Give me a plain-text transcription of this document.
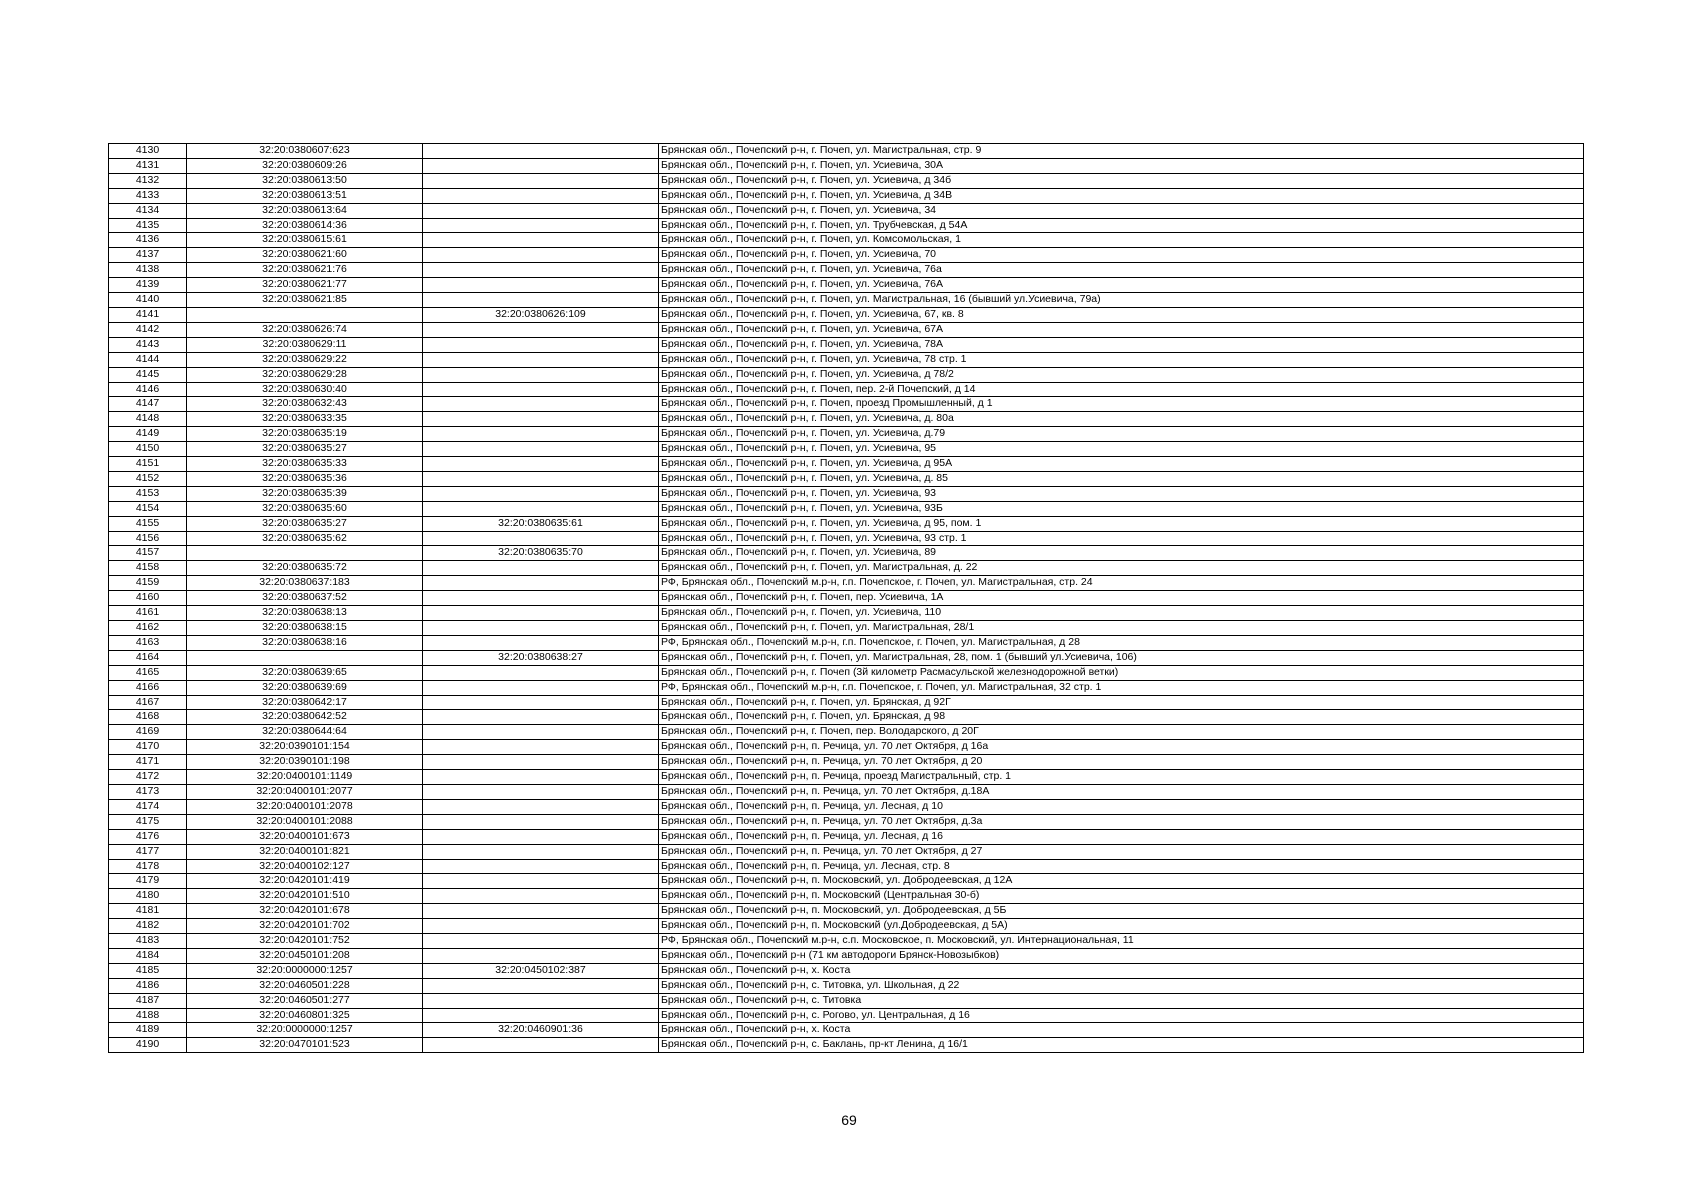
4130	32:20:0380607:623		Брянская обл., Почепский р-н, г. Почеп, ул. Магистральная, стр. 9
4131	32:20:0380609:26		Брянская обл., Почепский р-н, г. Почеп, ул. Усиевича, 30А
4132	32:20:0380613:50		Брянская обл., Почепский р-н, г. Почеп, ул. Усиевича, д 34б
4133	32:20:0380613:51		Брянская обл., Почепский р-н, г. Почеп, ул. Усиевича, д 34В
4134	32:20:0380613:64		Брянская обл., Почепский р-н, г. Почеп, ул. Усиевича, 34
4135	32:20:0380614:36		Брянская обл., Почепский р-н, г. Почеп, ул. Трубчевская, д 54А
4136	32:20:0380615:61		Брянская обл., Почепский р-н, г. Почеп, ул. Комсомольская, 1
4137	32:20:0380621:60		Брянская обл., Почепский р-н, г. Почеп, ул. Усиевича, 70
4138	32:20:0380621:76		Брянская обл., Почепский р-н, г. Почеп, ул. Усиевича, 76а
4139	32:20:0380621:77		Брянская обл., Почепский р-н, г. Почеп, ул. Усиевича, 76А
4140	32:20:0380621:85		Брянская обл., Почепский р-н, г. Почеп, ул. Магистральная, 16 (бывший ул.Усиевича, 79а)
4141		32:20:0380626:109	Брянская обл., Почепский р-н, г. Почеп, ул. Усиевича, 67, кв. 8
4142	32:20:0380626:74		Брянская обл., Почепский р-н, г. Почеп, ул. Усиевича, 67А
4143	32:20:0380629:11		Брянская обл., Почепский р-н, г. Почеп, ул. Усиевича, 78А
4144	32:20:0380629:22		Брянская обл., Почепский р-н, г. Почеп, ул. Усиевича, 78 стр. 1
4145	32:20:0380629:28		Брянская обл., Почепский р-н, г. Почеп, ул. Усиевича, д 78/2
4146	32:20:0380630:40		Брянская обл., Почепский р-н, г. Почеп, пер. 2-й Почепский, д 14
4147	32:20:0380632:43		Брянская обл., Почепский р-н, г. Почеп, проезд Промышленный, д 1
4148	32:20:0380633:35		Брянская обл., Почепский р-н, г. Почеп, ул. Усиевича, д. 80а
4149	32:20:0380635:19		Брянская обл., Почепский р-н, г. Почеп, ул. Усиевича, д.79
4150	32:20:0380635:27		Брянская обл., Почепский р-н, г. Почеп, ул. Усиевича, 95
4151	32:20:0380635:33		Брянская обл., Почепский р-н, г. Почеп, ул. Усиевича, д 95А
4152	32:20:0380635:36		Брянская обл., Почепский р-н, г. Почеп, ул. Усиевича, д. 85
4153	32:20:0380635:39		Брянская обл., Почепский р-н, г. Почеп, ул. Усиевича, 93
4154	32:20:0380635:60		Брянская обл., Почепский р-н, г. Почеп, ул. Усиевича, 93Б
4155	32:20:0380635:27	32:20:0380635:61	Брянская обл., Почепский р-н, г. Почеп, ул. Усиевича, д 95, пом. 1
4156	32:20:0380635:62		Брянская обл., Почепский р-н, г. Почеп, ул. Усиевича, 93 стр. 1
4157		32:20:0380635:70	Брянская обл., Почепский р-н, г. Почеп, ул. Усиевича, 89
4158	32:20:0380635:72		Брянская обл., Почепский р-н, г. Почеп, ул. Магистральная, д. 22
4159	32:20:0380637:183		РФ, Брянская обл., Почепский м.р-н, г.п. Почепское, г. Почеп, ул. Магистральная, стр. 24
4160	32:20:0380637:52		Брянская обл., Почепский р-н, г. Почеп, пер. Усиевича, 1А
4161	32:20:0380638:13		Брянская обл., Почепский р-н, г. Почеп, ул. Усиевича, 110
4162	32:20:0380638:15		Брянская обл., Почепский р-н, г. Почеп, ул. Магистральная, 28/1
4163	32:20:0380638:16		РФ, Брянская обл., Почепский м.р-н, г.п. Почепское, г. Почеп, ул. Магистральная, д 28
4164		32:20:0380638:27	Брянская обл., Почепский р-н, г. Почеп, ул. Магистральная, 28, пом. 1 (бывший ул.Усиевича, 106)
4165	32:20:0380639:65		Брянская обл., Почепский р-н, г. Почеп (3й километр Расмасульской железнодорожной ветки)
4166	32:20:0380639:69		РФ, Брянская обл., Почепский м.р-н, г.п. Почепское, г. Почеп, ул. Магистральная, 32 стр. 1
4167	32:20:0380642:17		Брянская обл., Почепский р-н, г. Почеп, ул. Брянская, д 92Г
4168	32:20:0380642:52		Брянская обл., Почепский р-н, г. Почеп, ул. Брянская, д 98
4169	32:20:0380644:64		Брянская обл., Почепский р-н, г. Почеп, пер. Володарского, д 20Г
4170	32:20:0390101:154		Брянская обл., Почепский р-н, п. Речица, ул. 70 лет Октября, д 16а
4171	32:20:0390101:198		Брянская обл., Почепский р-н, п. Речица, ул. 70 лет Октября, д 20
4172	32:20:0400101:1149		Брянская обл., Почепский р-н, п. Речица, проезд Магистральный, стр. 1
4173	32:20:0400101:2077		Брянская обл., Почепский р-н, п. Речица, ул. 70 лет Октября, д.18А
4174	32:20:0400101:2078		Брянская обл., Почепский р-н, п. Речица, ул. Лесная, д 10
4175	32:20:0400101:2088		Брянская обл., Почепский р-н, п. Речица, ул. 70 лет Октября, д.3а
4176	32:20:0400101:673		Брянская обл., Почепский р-н, п. Речица, ул. Лесная, д 16
4177	32:20:0400101:821		Брянская обл., Почепский р-н, п. Речица, ул. 70 лет Октября, д 27
4178	32:20:0400102:127		Брянская обл., Почепский р-н, п. Речица, ул. Лесная, стр. 8
4179	32:20:0420101:419		Брянская обл., Почепский р-н, п. Московский, ул. Добродеевская, д 12А
4180	32:20:0420101:510		Брянская обл., Почепский р-н, п. Московский (Центральная 30-б)
4181	32:20:0420101:678		Брянская обл., Почепский р-н, п. Московский, ул. Добродеевская, д 5Б
4182	32:20:0420101:702		Брянская обл., Почепский р-н, п. Московский (ул.Добродеевская, д 5А)
4183	32:20:0420101:752		РФ, Брянская обл., Почепский м.р-н, с.п. Московское, п. Московский, ул. Интернациональная, 11
4184	32:20:0450101:208		Брянская обл., Почепский р-н (71 км автодороги Брянск-Новозыбков)
4185	32:20:0000000:1257	32:20:0450102:387	Брянская обл., Почепский р-н, х. Коста
4186	32:20:0460501:228		Брянская обл., Почепский р-н, с. Титовка, ул. Школьная, д 22
4187	32:20:0460501:277		Брянская обл., Почепский р-н, с. Титовка
4188	32:20:0460801:325		Брянская обл., Почепский р-н, с. Рогово, ул. Центральная, д 16
4189	32:20:0000000:1257	32:20:0460901:36	Брянская обл., Почепский р-н, х. Коста
4190	32:20:0470101:523		Брянская обл., Почепский р-н, с. Баклань, пр-кт Ленина, д 16/1
69
